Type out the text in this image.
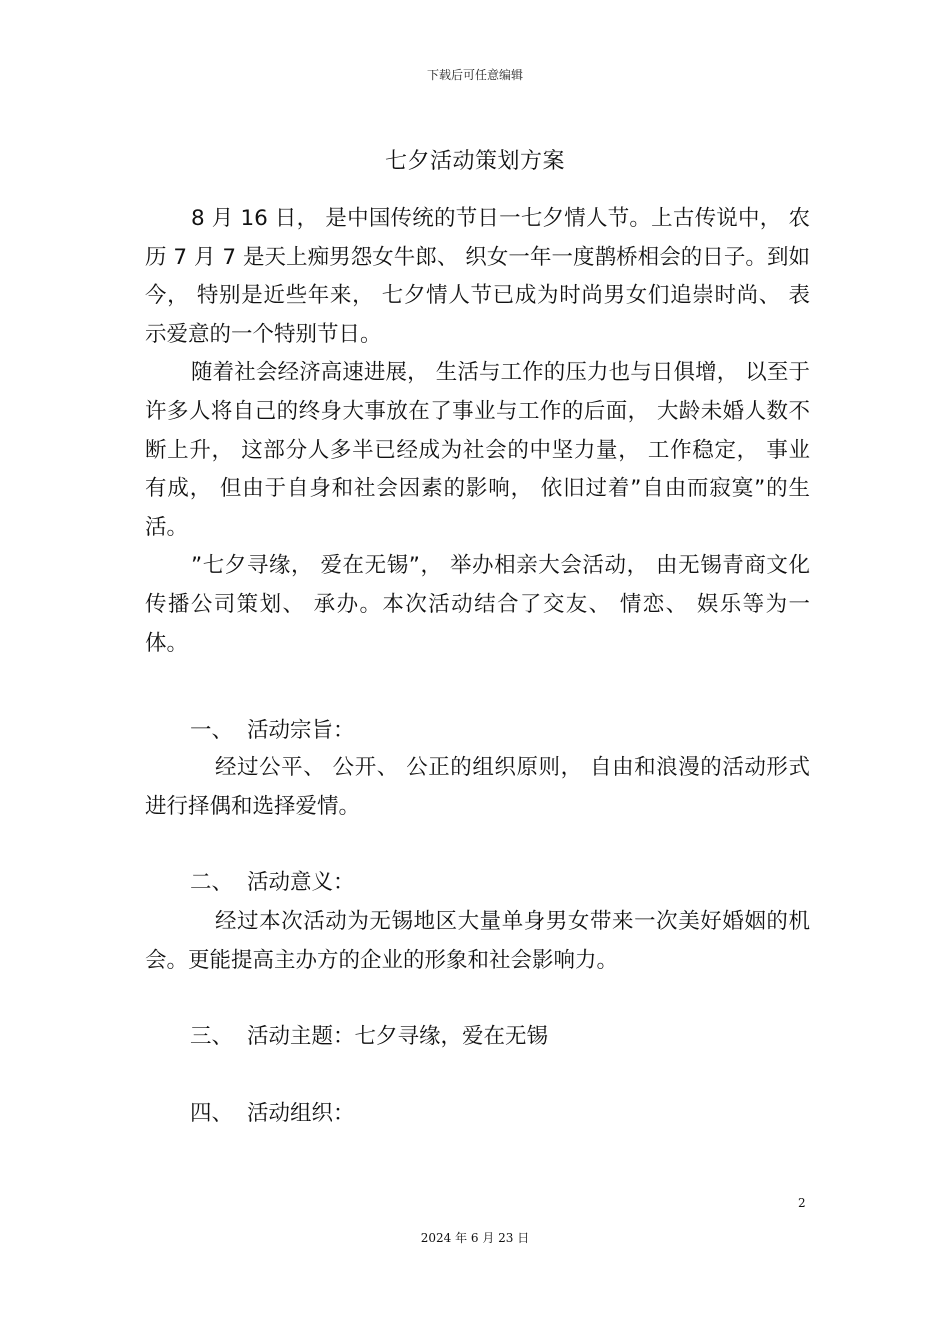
下载后可任意编辑
七夕活动策划方案

8 月 16 日， 是中国传统的节日一七夕情人节。上古传说中， 农历 7 月 7 是天上痴男怨女牛郎、 织女一年一度鹊桥相会的日子。到如今， 特别是近些年来， 七夕情人节已成为时尚男女们追崇时尚、 表示爱意的一个特别节日。

随着社会经济高速进展， 生活与工作的压力也与日俱增， 以至于许多人将自己的终身大事放在了事业与工作的后面， 大龄未婚人数不断上升， 这部分人多半已经成为社会的中坚力量， 工作稳定， 事业有成， 但由于自身和社会因素的影响， 依旧过着”自由而寂寞”的生活。

”七夕寻缘， 爱在无锡”， 举办相亲大会活动， 由无锡青商文化传播公司策划、 承办。本次活动结合了交友、 情恋、 娱乐等为一体。

一、 活动宗旨：

经过公平、 公开、 公正的组织原则， 自由和浪漫的活动形式进行择偶和选择爱情。

二、 活动意义：

经过本次活动为无锡地区大量单身男女带来一次美好婚姻的机会。更能提高主办方的企业的形象和社会影响力。

三、 活动主题：七夕寻缘，爱在无锡
四、 活动组织：
2
2024 年 6 月 23 日
